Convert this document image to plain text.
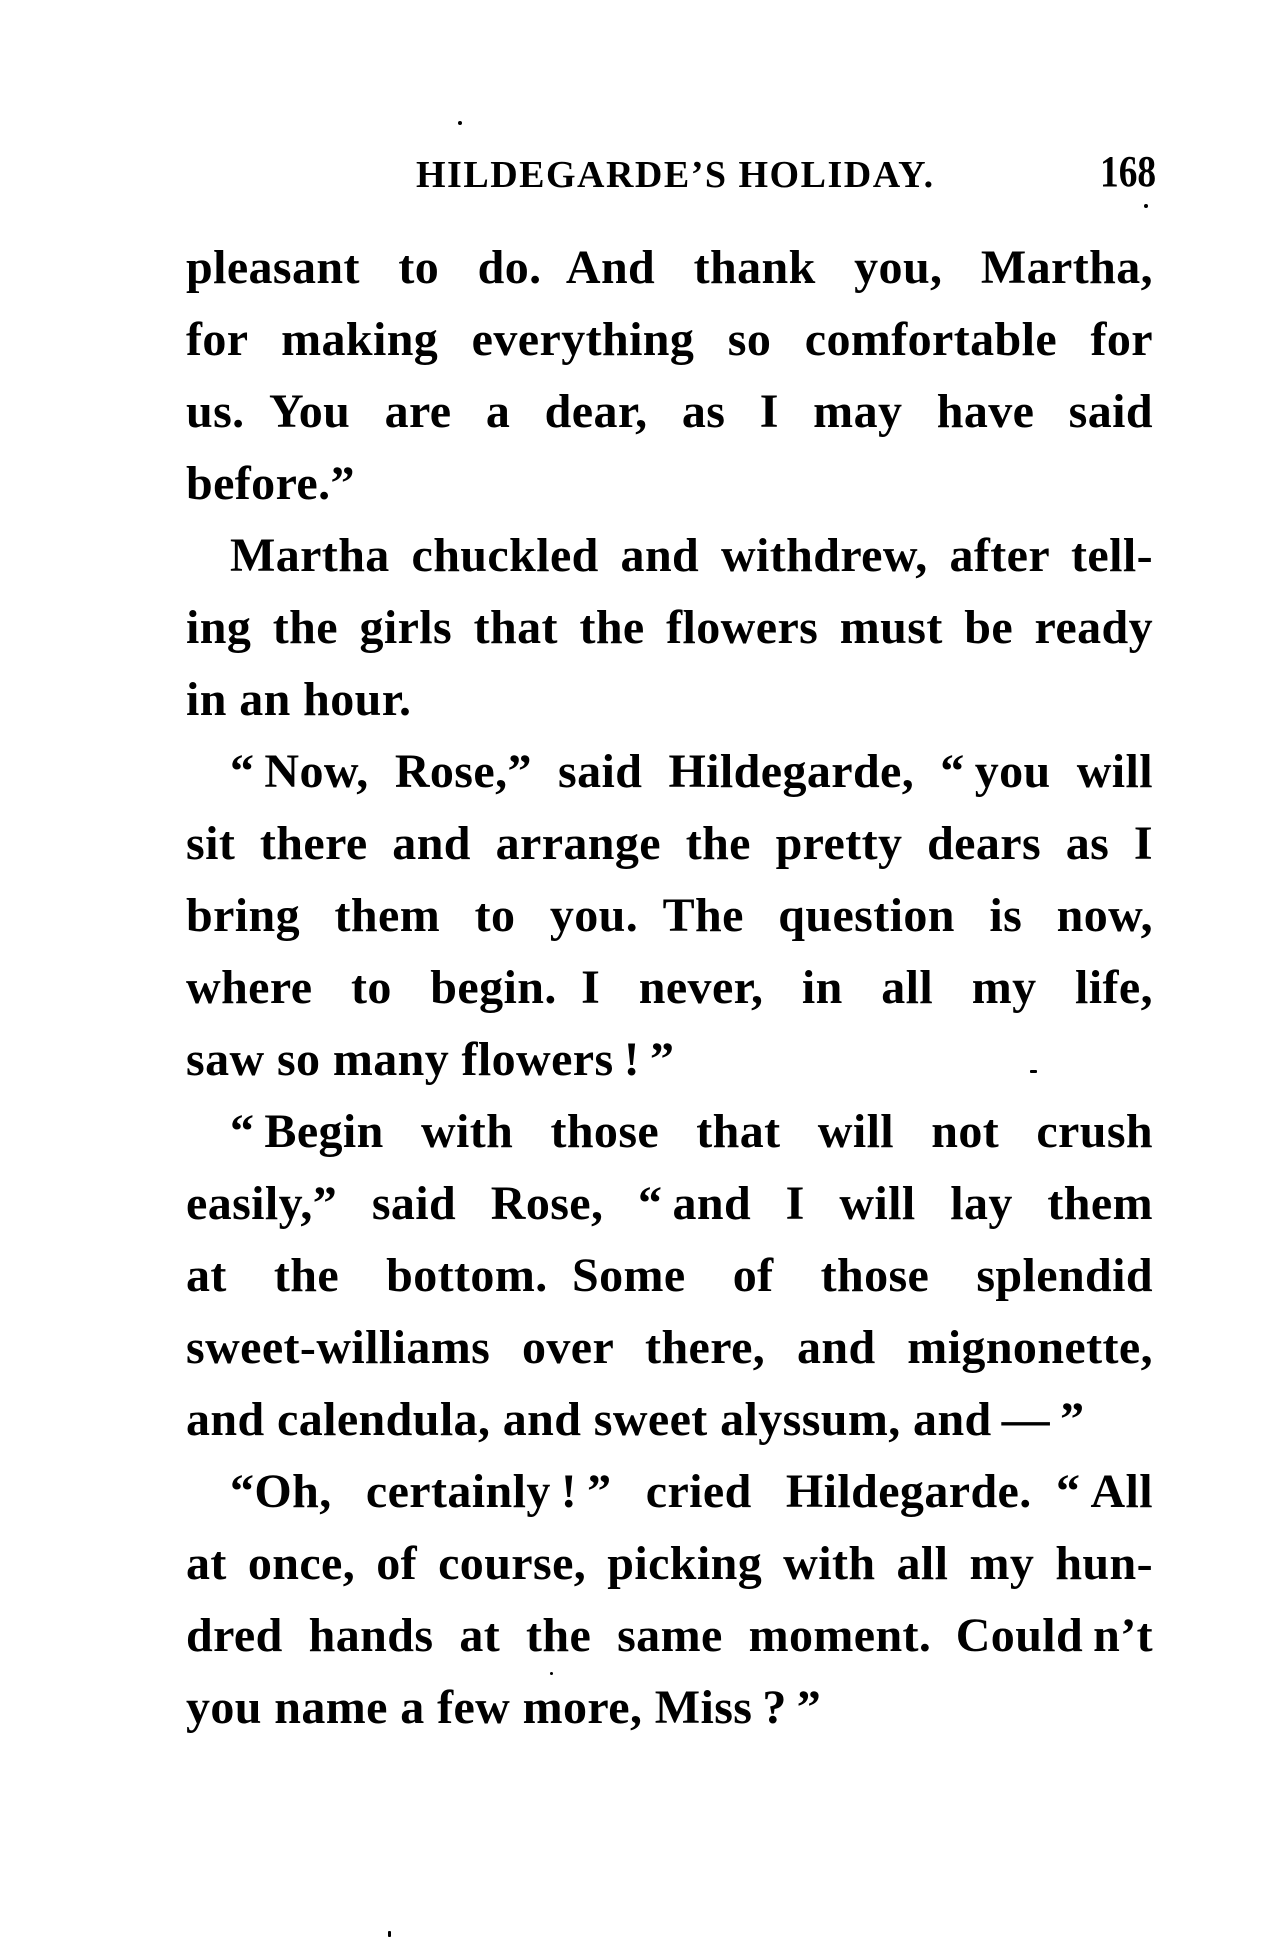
HILDEGARDE’S HOLIDAY.	168
pleasant to do. And thank you, Martha,
for making everything so comfortable for
us. You are a dear, as I may have said
before.”
Martha chuckled and withdrew, after tell-
ing the girls that the flowers must be ready
in an hour.
“ Now, Rose,” said Hildegarde, “ you will
sit there and arrange the pretty dears as I
bring them to you. The question is now,
where to begin. I never, in all my life,
saw so many flowers ! ”
“ Begin with those that will not crush
easily,” said Rose, “ and I will lay them
at the bottom. Some of those splendid
sweet-williams over there, and mignonette,
and calendula, and sweet alyssum, and — ”
“Oh, certainly ! ” cried Hildegarde. “ All
at once, of course, picking with all my hun-
dred hands at the same moment. Could n’t
you name a few more, Miss ? ”
